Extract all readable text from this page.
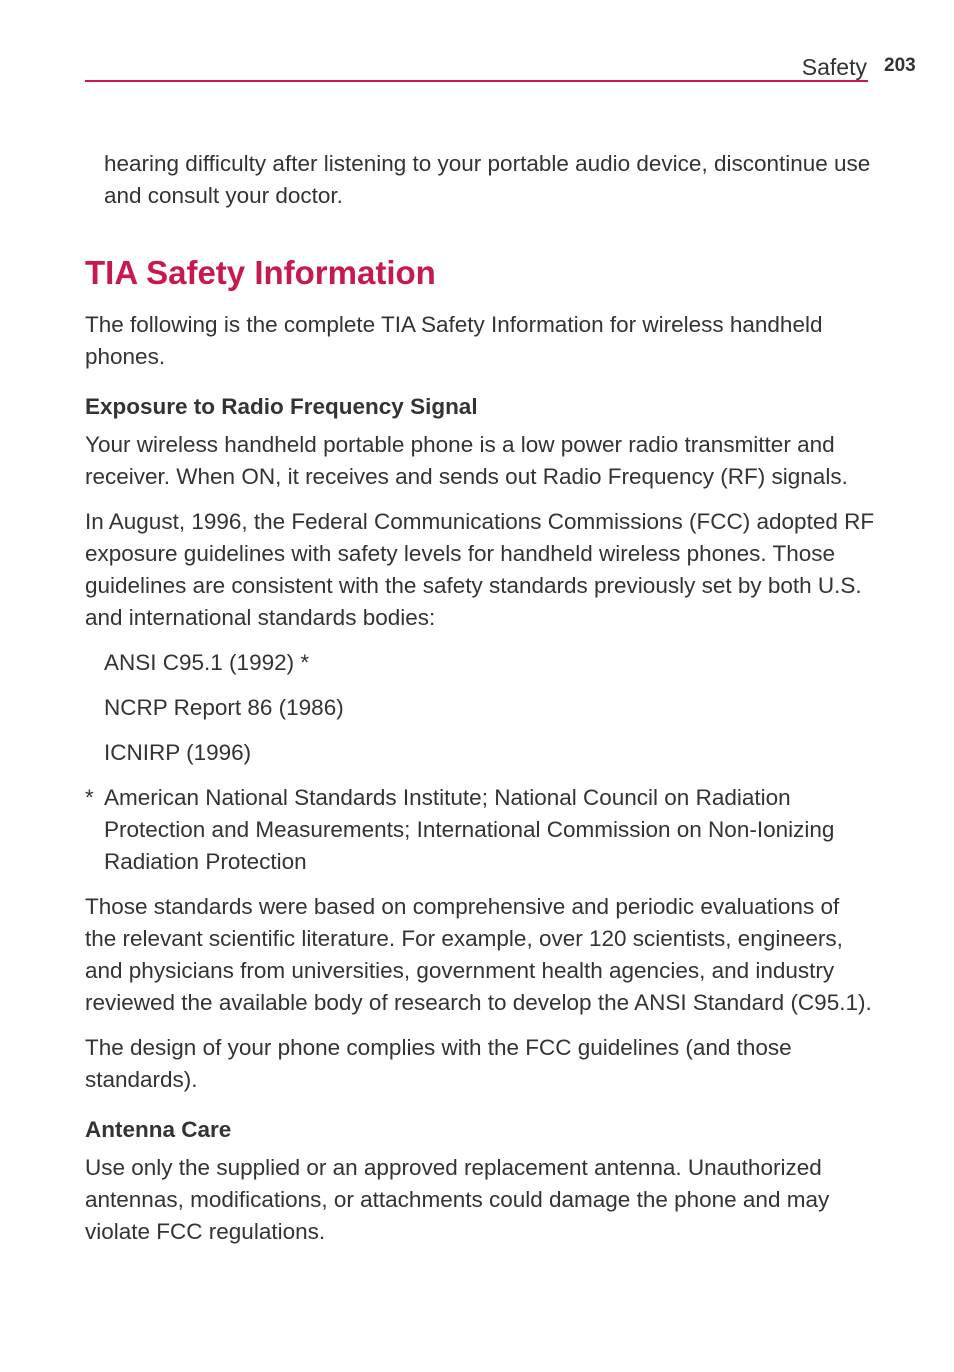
Safety 203

hearing difficulty after listening to your portable audio device, discontinue use and consult your doctor.

TIA Safety Information

The following is the complete TIA Safety Information for wireless handheld phones.

Exposure to Radio Frequency Signal

Your wireless handheld portable phone is a low power radio transmitter and receiver. When ON, it receives and sends out Radio Frequency (RF) signals.

In August, 1996, the Federal Communications Commissions (FCC) adopted RF exposure guidelines with safety levels for handheld wireless phones. Those guidelines are consistent with the safety standards previously set by both U.S. and international standards bodies:

ANSI C95.1 (1992) *

NCRP Report 86 (1986)

ICNIRP (1996)

* American National Standards Institute; National Council on Radiation Protection and Measurements; International Commission on Non-Ionizing Radiation Protection

Those standards were based on comprehensive and periodic evaluations of the relevant scientific literature. For example, over 120 scientists, engineers, and physicians from universities, government health agencies, and industry reviewed the available body of research to develop the ANSI Standard (C95.1).

The design of your phone complies with the FCC guidelines (and those standards).

Antenna Care

Use only the supplied or an approved replacement antenna. Unauthorized antennas, modifications, or attachments could damage the phone and may violate FCC regulations.
